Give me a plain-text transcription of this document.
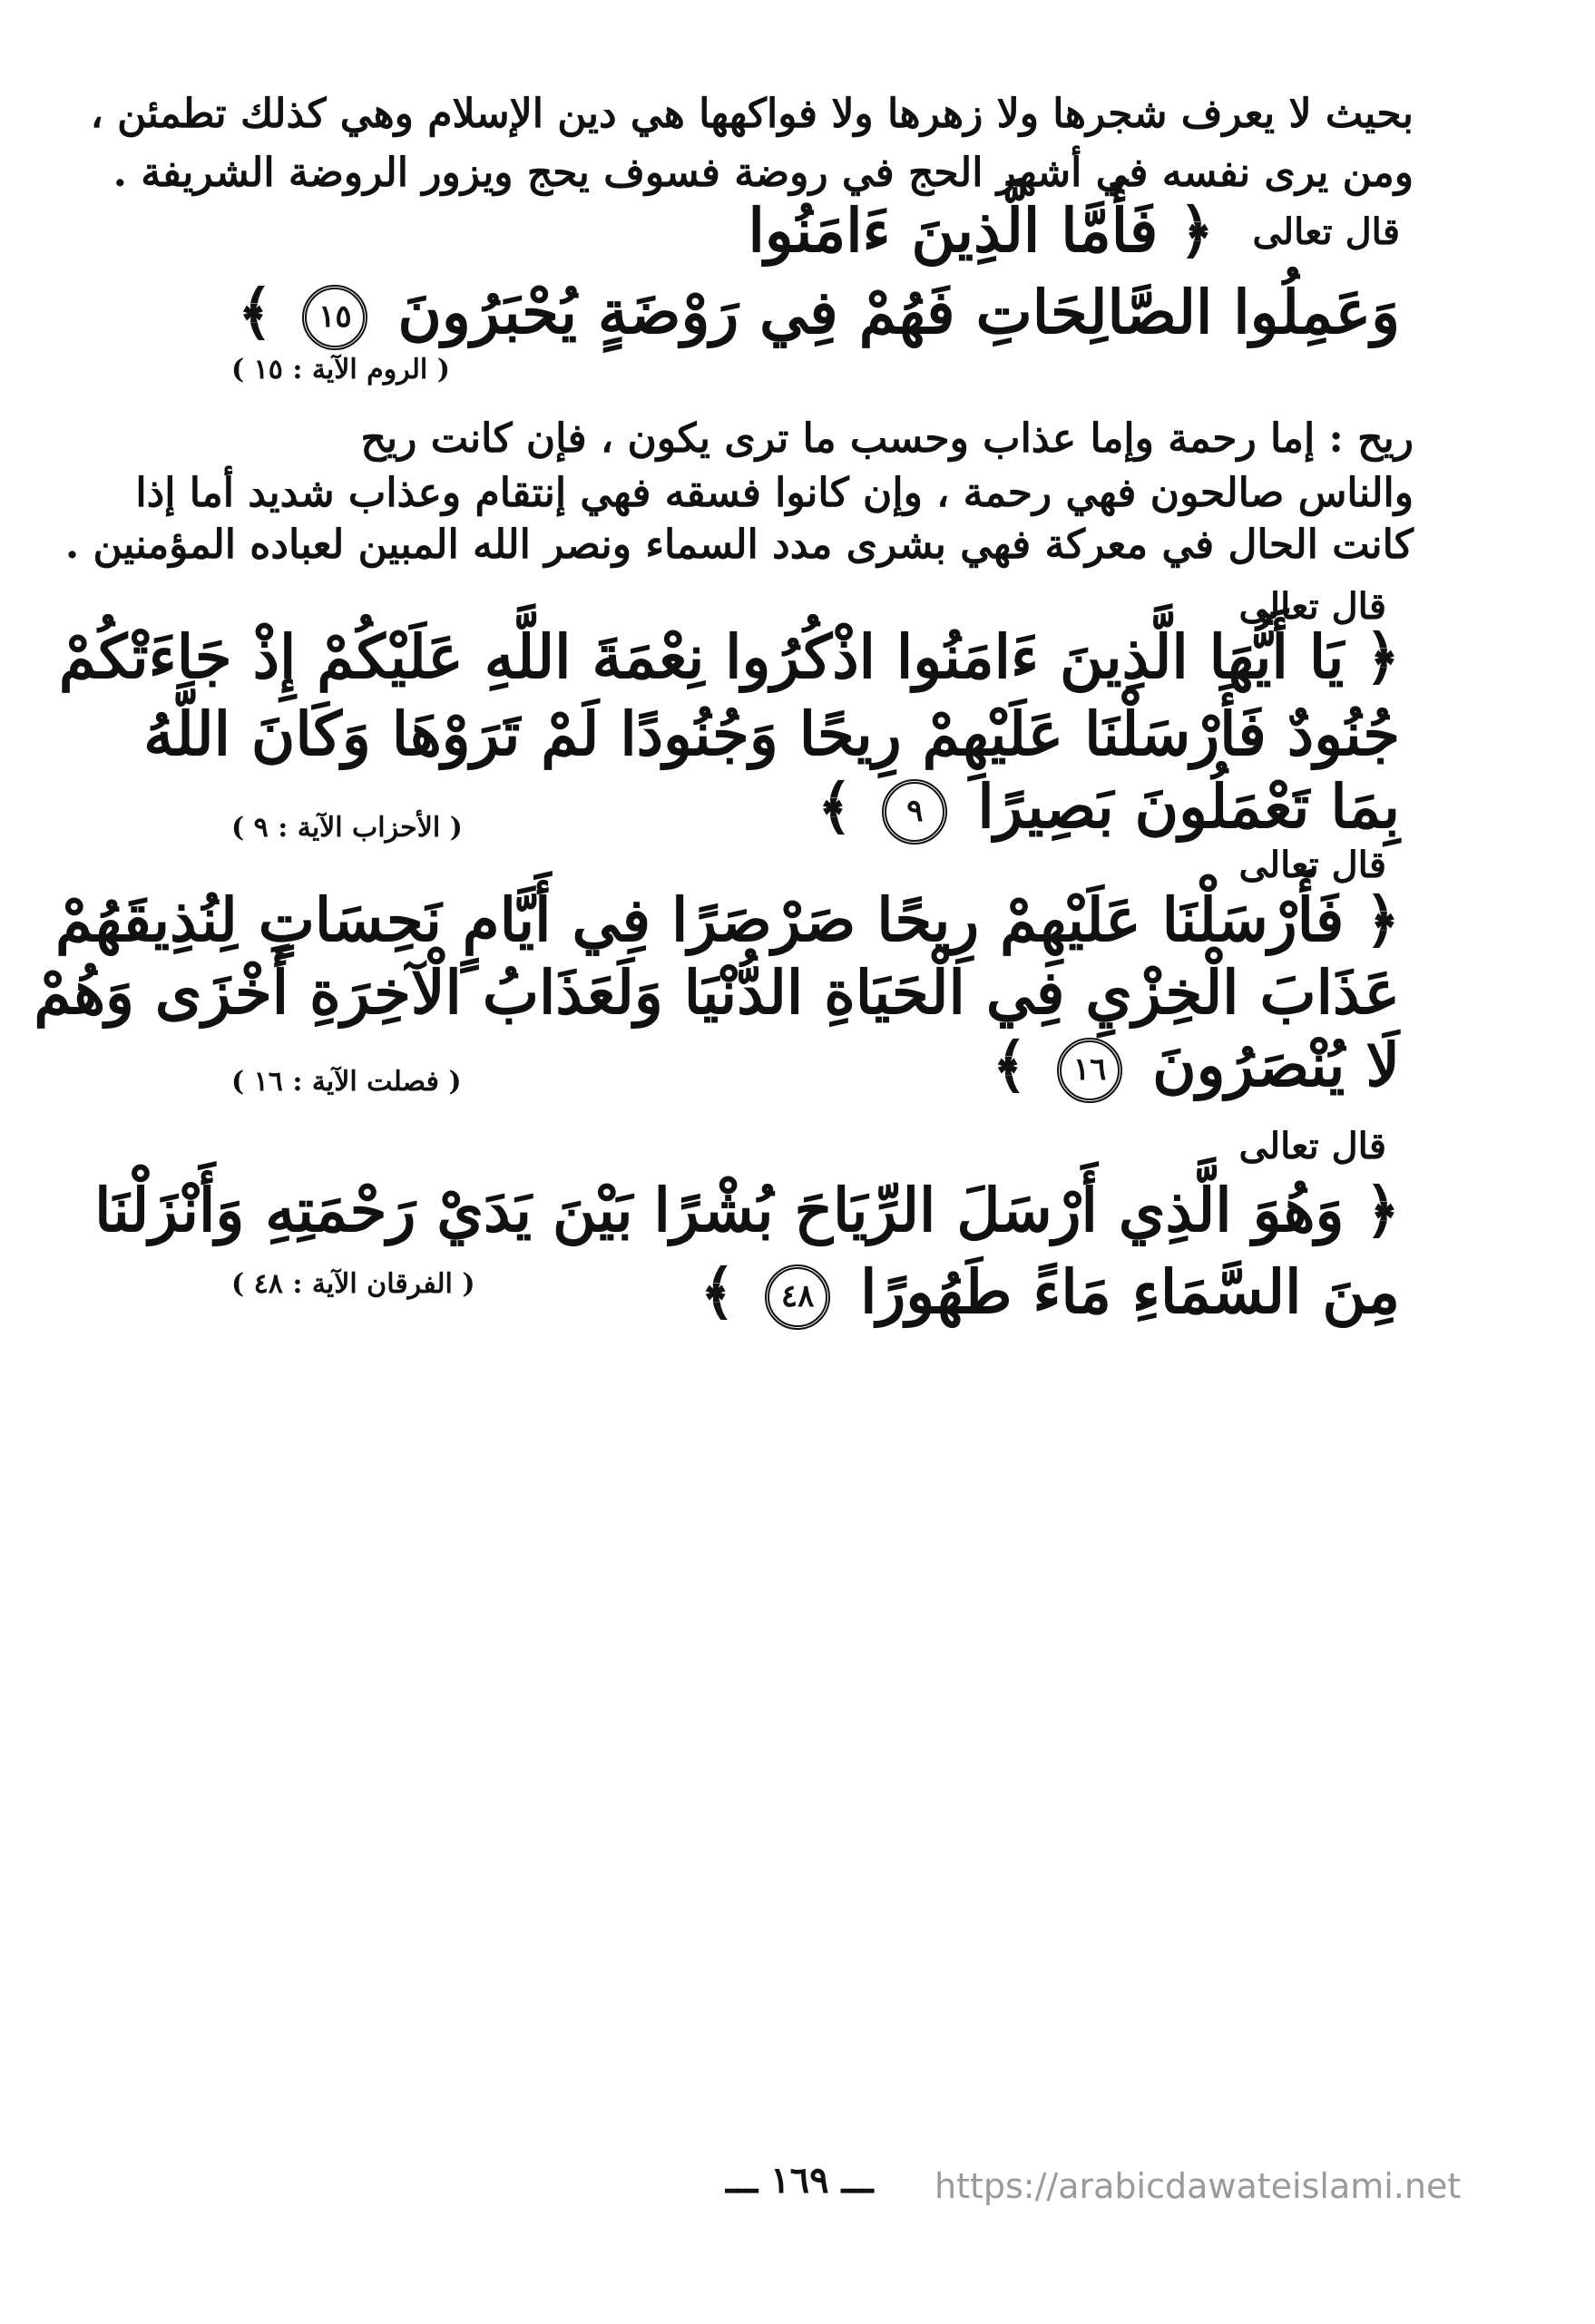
بحيث لا يعرف شجرها ولا زهرها ولا فواكهها هي دين الإسلام وهي كذلك تطمئن ،
ومن يرى نفسه في أشهر الحج في روضة فسوف يحج ويزور الروضة الشريفة .
قال تعالى
﴿ فَأَمَّا الَّذِينَ ءَامَنُوا
وَعَمِلُوا الصَّالِحَاتِ فَهُمْ فِي رَوْضَةٍ يُحْبَرُونَ ١٥ ﴾
( الروم الآية : ١٥ )
ريح : إما رحمة وإما عذاب وحسب ما ترى يكون ، فإن كانت ريح
والناس صالحون فهي رحمة ، وإن كانوا فسقه فهي إنتقام وعذاب شديد أما إذا
كانت الحال في معركة فهي بشرى مدد السماء ونصر الله المبين لعباده المؤمنين .
قال تعالى
﴿ يَا أَيُّهَا الَّذِينَ ءَامَنُوا اذْكُرُوا نِعْمَةَ اللَّهِ عَلَيْكُمْ إِذْ جَاءَتْكُمْ
جُنُودٌ فَأَرْسَلْنَا عَلَيْهِمْ رِيحًا وَجُنُودًا لَمْ تَرَوْهَا وَكَانَ اللَّهُ
بِمَا تَعْمَلُونَ بَصِيرًا ٩ ﴾
( الأحزاب الآية : ٩ )
قال تعالى
﴿ فَأَرْسَلْنَا عَلَيْهِمْ رِيحًا صَرْصَرًا فِي أَيَّامٍ نَحِسَاتٍ لِنُذِيقَهُمْ
عَذَابَ الْخِزْيِ فِي الْحَيَاةِ الدُّنْيَا وَلَعَذَابُ الْآخِرَةِ أَخْزَى وَهُمْ
لَا يُنْصَرُونَ ١٦ ﴾
( فصلت الآية : ١٦ )
قال تعالى
﴿ وَهُوَ الَّذِي أَرْسَلَ الرِّيَاحَ بُشْرًا بَيْنَ يَدَيْ رَحْمَتِهِ وَأَنْزَلْنَا
مِنَ السَّمَاءِ مَاءً طَهُورًا ٤٨ ﴾
( الفرقان الآية : ٤٨ )
ـــ ١٦٩ ـــ https://arabicdawateislami.net
